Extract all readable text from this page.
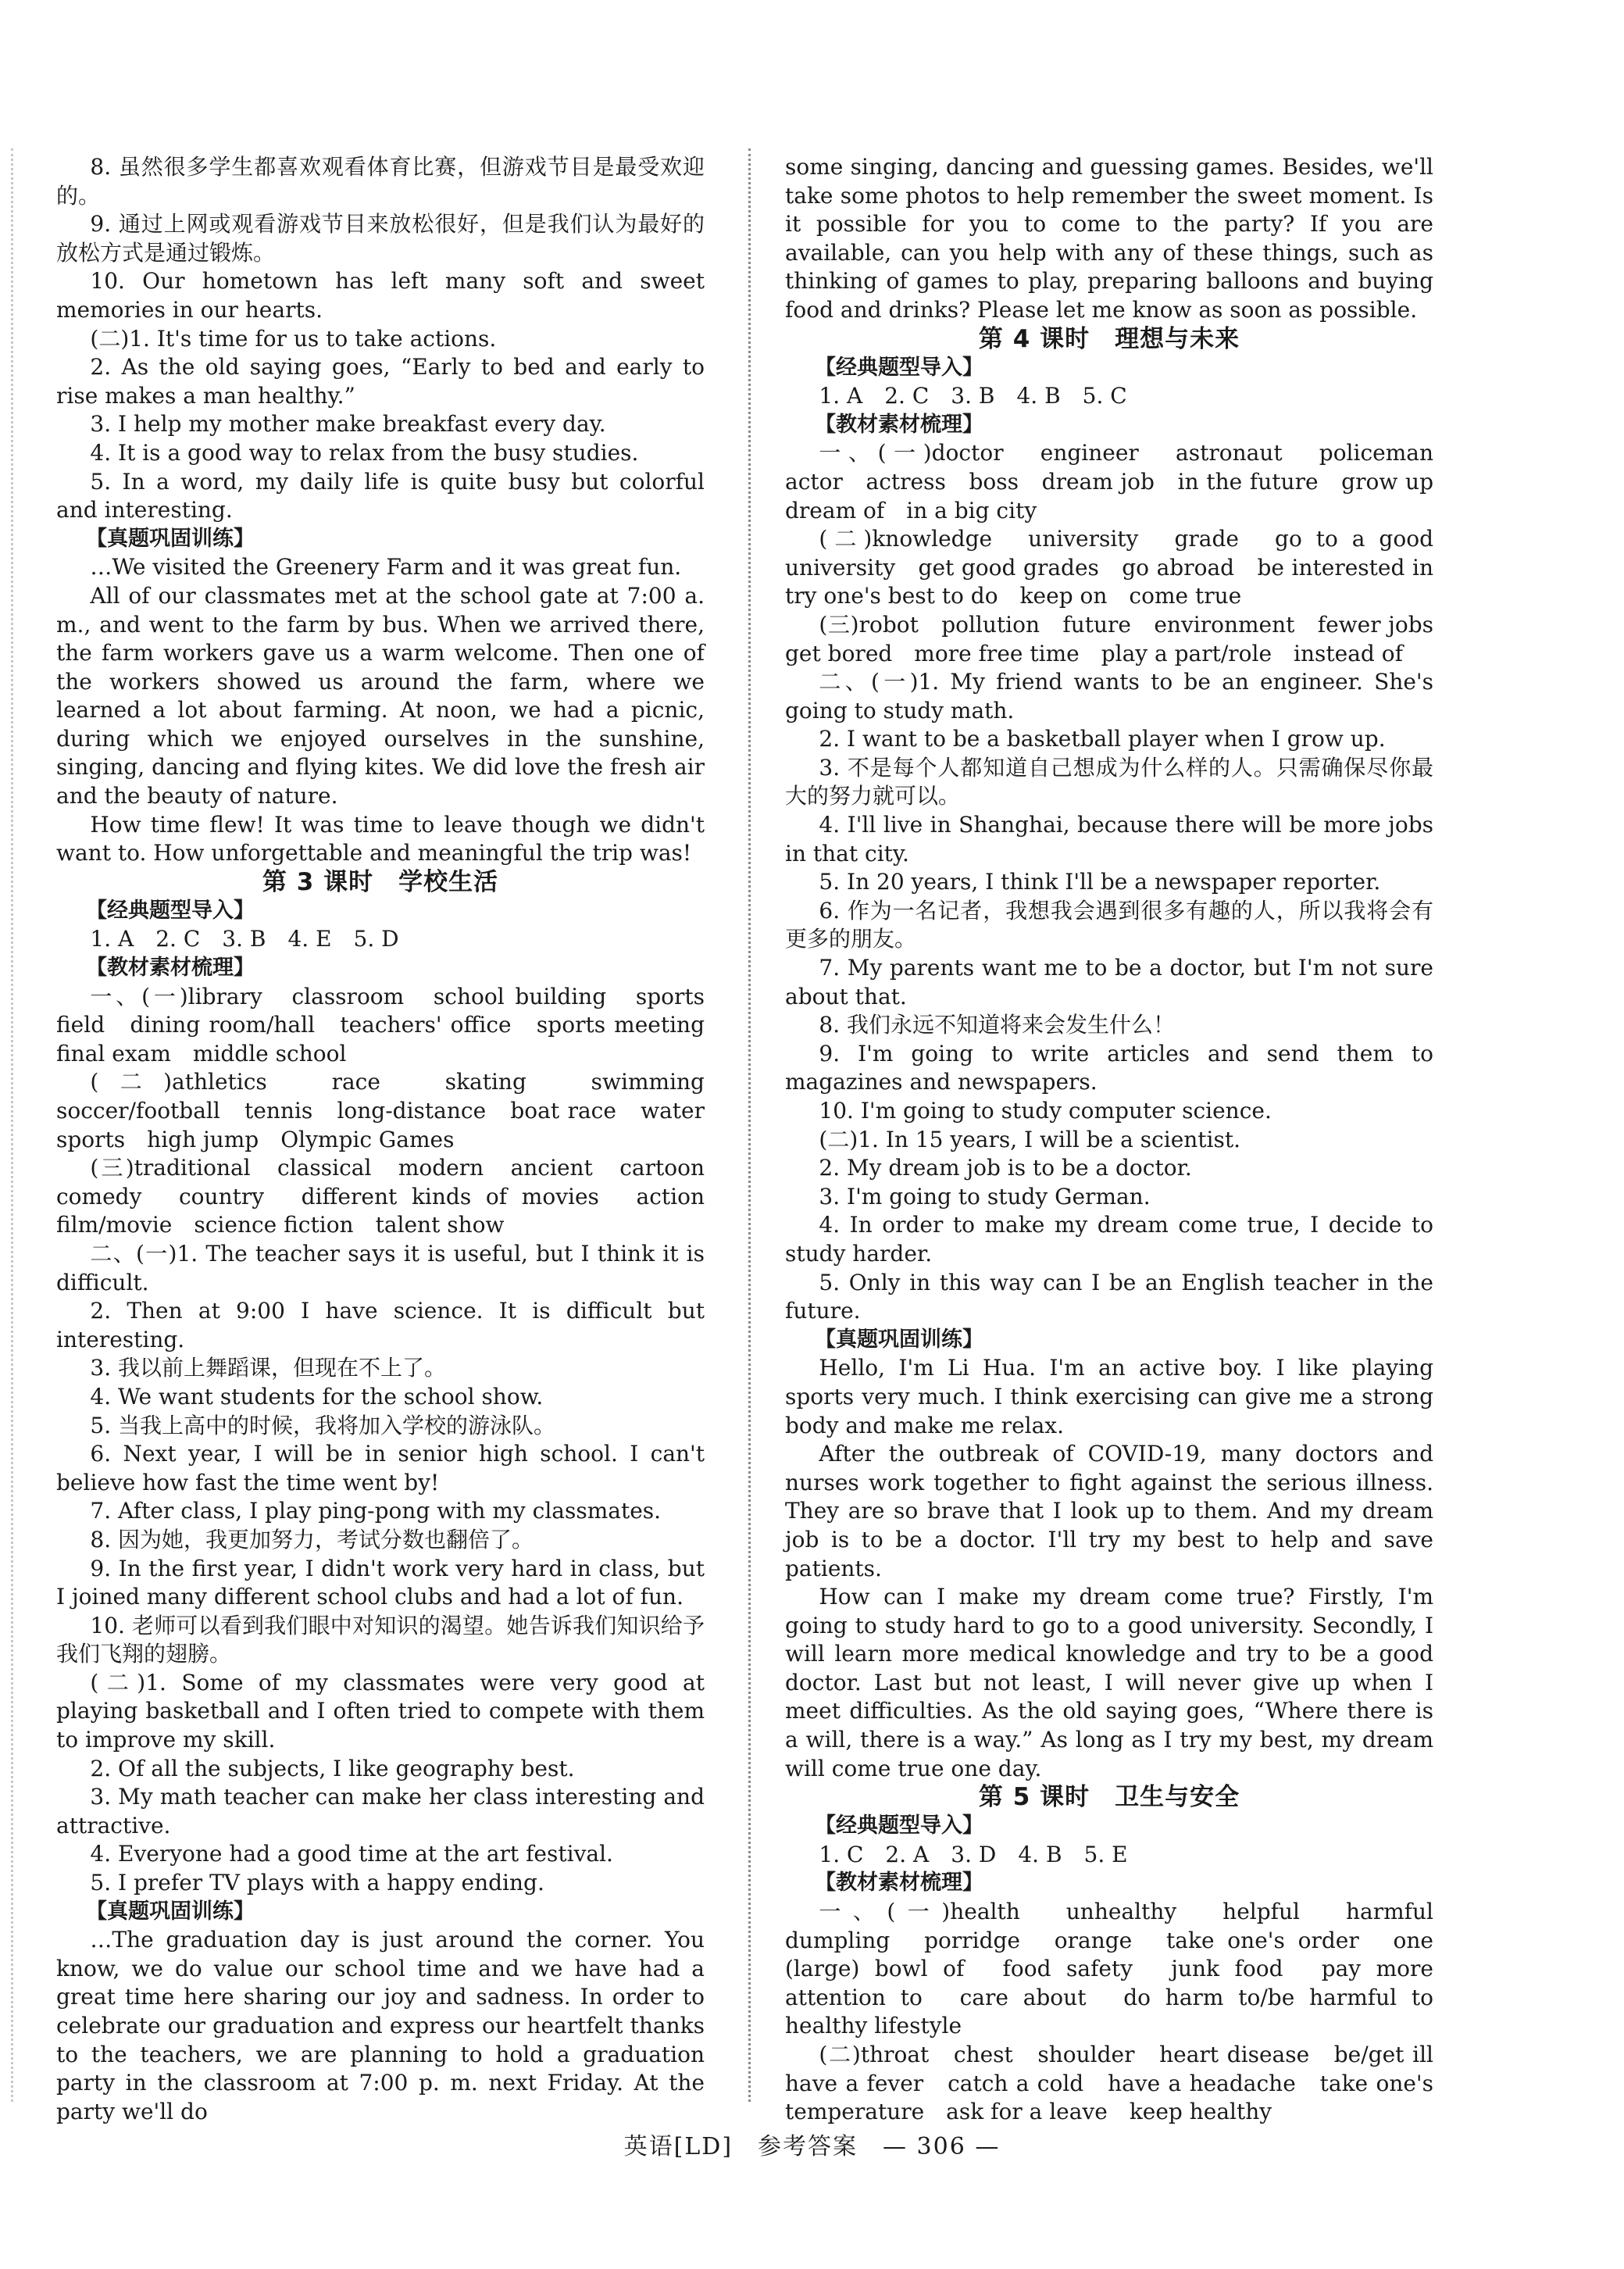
8. 虽然很多学生都喜欢观看体育比赛，但游戏节目是最受欢迎的。

9. 通过上网或观看游戏节目来放松很好，但是我们认为最好的放松方式是通过锻炼。

10. Our hometown has left many soft and sweet memories in our hearts.

(二)1. It's time for us to take actions.

2. As the old saying goes, “Early to bed and early to rise makes a man healthy.”

3. I help my mother make breakfast every day.

4. It is a good way to relax from the busy studies.

5. In a word, my daily life is quite busy but colorful and interesting.

【真题巩固训练】

…We visited the Greenery Farm and it was great fun.

All of our classmates met at the school gate at 7:00 a. m., and went to the farm by bus. When we arrived there, the farm workers gave us a warm welcome. Then one of the workers showed us around the farm, where we learned a lot about farming. At noon, we had a picnic, during which we enjoyed ourselves in the sunshine, singing, dancing and flying kites. We did love the fresh air and the beauty of nature.

How time flew! It was time to leave though we didn't want to. How unforgettable and meaningful the trip was!

第 3 课时　学校生活
【经典题型导入】

1. A　2. C　3. B　4. E　5. D

【教材素材梳理】

一、(一)library　classroom　school building　sports field　dining room/hall　teachers' office　sports meeting　final exam　middle school

(二)athletics　race　skating　swimming　soccer/football　tennis　long-distance　boat race　water sports　high jump　Olympic Games

(三)traditional　classical　modern　ancient　cartoon　comedy　country　different kinds of movies　action film/movie　science fiction　talent show

二、(一)1. The teacher says it is useful, but I think it is difficult.

2. Then at 9:00 I have science. It is difficult but interesting.

3. 我以前上舞蹈课，但现在不上了。

4. We want students for the school show.

5. 当我上高中的时候，我将加入学校的游泳队。

6. Next year, I will be in senior high school. I can't believe how fast the time went by!

7. After class, I play ping-pong with my classmates.

8. 因为她，我更加努力，考试分数也翻倍了。

9. In the first year, I didn't work very hard in class, but I joined many different school clubs and had a lot of fun.

10. 老师可以看到我们眼中对知识的渴望。她告诉我们知识给予我们飞翔的翅膀。

(二)1. Some of my classmates were very good at playing basketball and I often tried to compete with them to improve my skill.

2. Of all the subjects, I like geography best.

3. My math teacher can make her class interesting and attractive.

4. Everyone had a good time at the art festival.

5. I prefer TV plays with a happy ending.

【真题巩固训练】

…The graduation day is just around the corner. You know, we do value our school time and we have had a great time here sharing our joy and sadness. In order to celebrate our graduation and express our heartfelt thanks to the teachers, we are planning to hold a graduation party in the classroom at 7:00 p. m. next Friday. At the party we'll do

some singing, dancing and guessing games. Besides, we'll take some photos to help remember the sweet moment. Is it possible for you to come to the party? If you are available, can you help with any of these things, such as thinking of games to play, preparing balloons and buying food and drinks? Please let me know as soon as possible.

第 4 课时　理想与未来
【经典题型导入】

1. A　2. C　3. B　4. B　5. C

【教材素材梳理】

一、(一)doctor　engineer　astronaut　policeman　actor　actress　boss　dream job　in the future　grow up　dream of　in a big city

(二)knowledge　university　grade　go to a good university　get good grades　go abroad　be interested in　try one's best to do　keep on　come true

(三)robot　pollution　future　environment　fewer jobs　get bored　more free time　play a part/role　instead of

二、(一)1. My friend wants to be an engineer. She's going to study math.

2. I want to be a basketball player when I grow up.

3. 不是每个人都知道自己想成为什么样的人。只需确保尽你最大的努力就可以。

4. I'll live in Shanghai, because there will be more jobs in that city.

5. In 20 years, I think I'll be a newspaper reporter.

6. 作为一名记者，我想我会遇到很多有趣的人，所以我将会有更多的朋友。

7. My parents want me to be a doctor, but I'm not sure about that.

8. 我们永远不知道将来会发生什么！

9. I'm going to write articles and send them to magazines and newspapers.

10. I'm going to study computer science.

(二)1. In 15 years, I will be a scientist.

2. My dream job is to be a doctor.

3. I'm going to study German.

4. In order to make my dream come true, I decide to study harder.

5. Only in this way can I be an English teacher in the future.

【真题巩固训练】

Hello, I'm Li Hua. I'm an active boy. I like playing sports very much. I think exercising can give me a strong body and make me relax.

After the outbreak of COVID-19, many doctors and nurses work together to fight against the serious illness. They are so brave that I look up to them. And my dream job is to be a doctor. I'll try my best to help and save patients.

How can I make my dream come true? Firstly, I'm going to study hard to go to a good university. Secondly, I will learn more medical knowledge and try to be a good doctor. Last but not least, I will never give up when I meet difficulties. As the old saying goes, “Where there is a will, there is a way.” As long as I try my best, my dream will come true one day.

第 5 课时　卫生与安全
【经典题型导入】

1. C　2. A　3. D　4. B　5. E

【教材素材梳理】

一、(一)health　unhealthy　helpful　harmful　dumpling　porridge　orange　take one's order　one (large) bowl of　food safety　junk food　pay more attention to　care about　do harm to/be harmful to　healthy lifestyle

(二)throat　chest　shoulder　heart disease　be/get ill　have a fever　catch a cold　have a headache　take one's temperature　ask for a leave　keep healthy

英语[LD]　参考答案　— 306 —
